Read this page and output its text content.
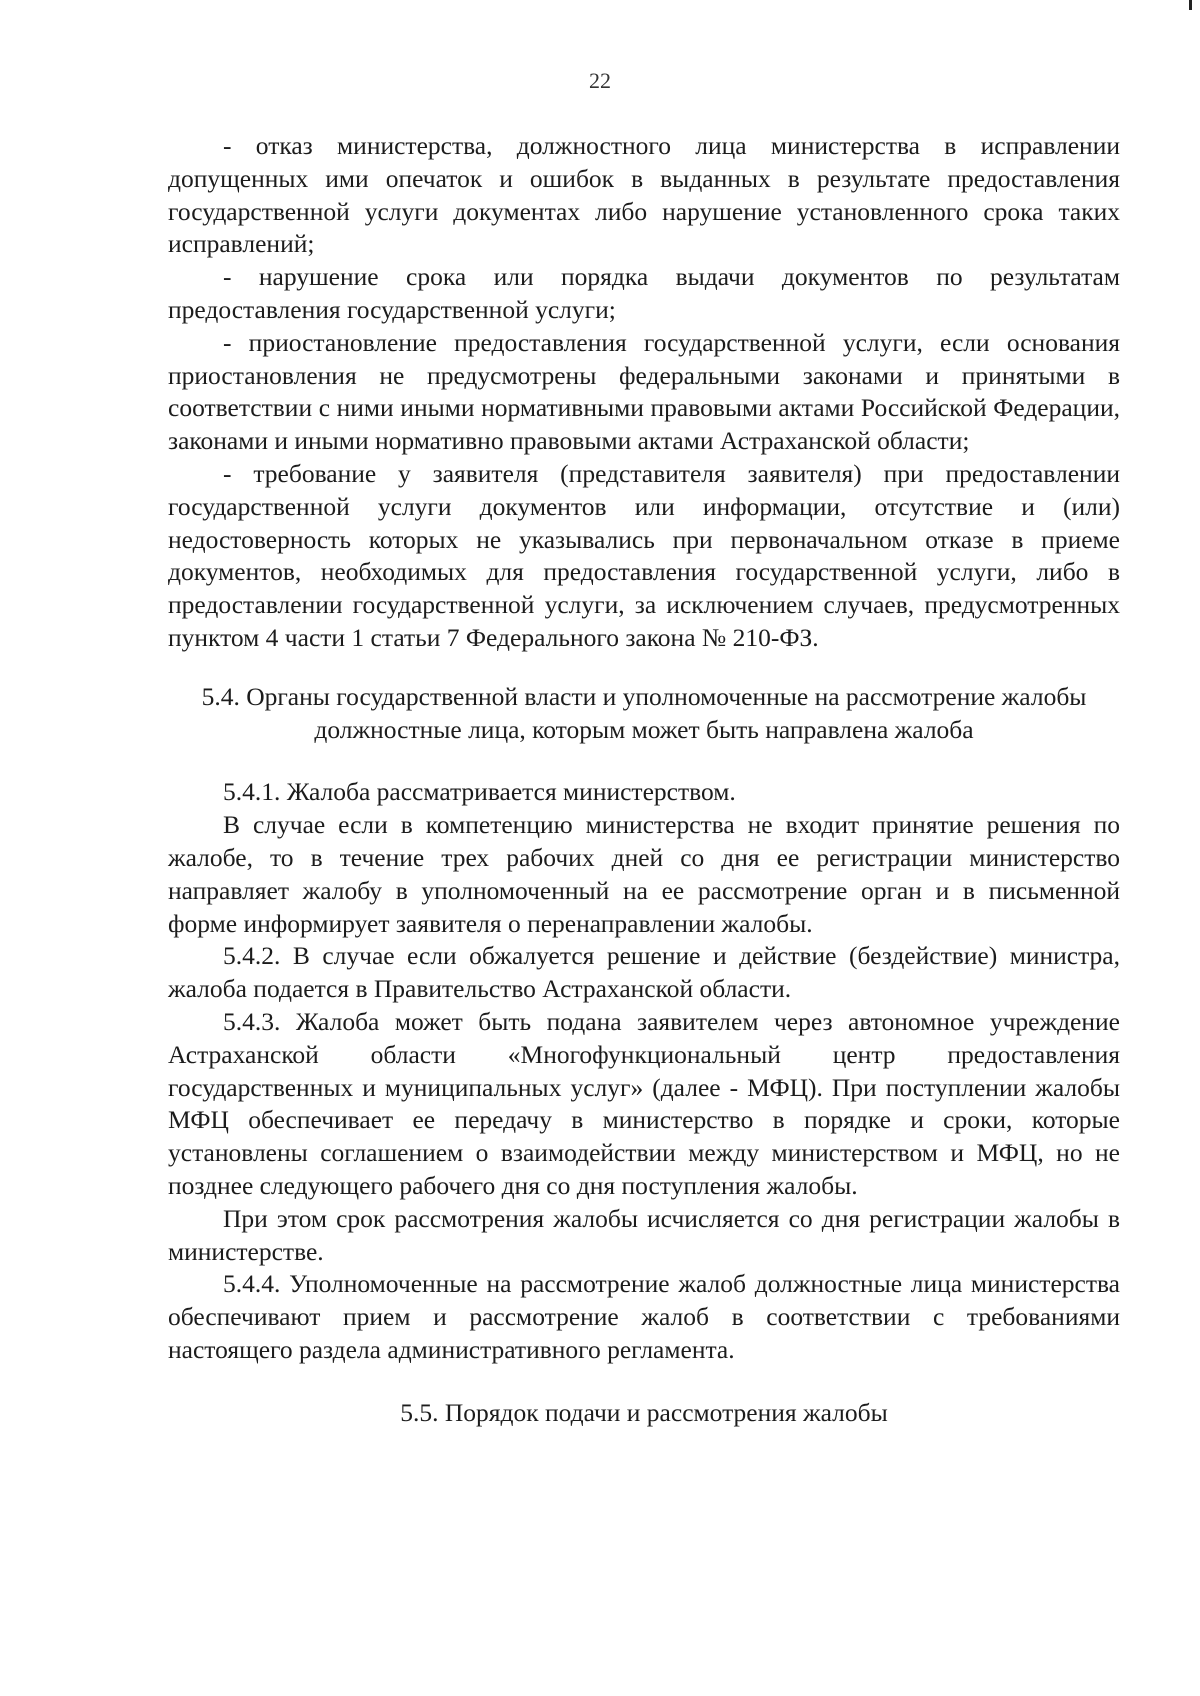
22

- отказ министерства, должностного лица министерства в исправлении допущенных ими опечаток и ошибок в выданных в результате предоставления государственной услуги документах либо нарушение установленного срока таких исправлений;

- нарушение срока или порядка выдачи документов по результатам предоставления государственной услуги;

- приостановление предоставления государственной услуги, если основания приостановления не предусмотрены федеральными законами и принятыми в соответствии с ними иными нормативными правовыми актами Российской Федерации, законами и иными нормативно правовыми актами Астраханской области;

- требование у заявителя (представителя заявителя) при предоставлении государственной услуги документов или информации, отсутствие и (или) недостоверность которых не указывались при первоначальном отказе в приеме документов, необходимых для предоставления государственной услуги, либо в предоставлении государственной услуги, за исключением случаев, предусмотренных пунктом 4 части 1 статьи 7 Федерального закона № 210-ФЗ.

5.4. Органы государственной власти и уполномоченные на рассмотрение жалобы должностные лица, которым может быть направлена жалоба

5.4.1. Жалоба рассматривается министерством.

В случае если в компетенцию министерства не входит принятие решения по жалобе, то в течение трех рабочих дней со дня ее регистрации министерство направляет жалобу в уполномоченный на ее рассмотрение орган и в письменной форме информирует заявителя о перенаправлении жалобы.

5.4.2. В случае если обжалуется решение и действие (бездействие) министра, жалоба подается в Правительство Астраханской области.

5.4.3. Жалоба может быть подана заявителем через автономное учреждение Астраханской области «Многофункциональный центр предоставления государственных и муниципальных услуг» (далее - МФЦ). При поступлении жалобы МФЦ обеспечивает ее передачу в министерство в порядке и сроки, которые установлены соглашением о взаимодействии между министерством и МФЦ, но не позднее следующего рабочего дня со дня поступления жалобы.

При этом срок рассмотрения жалобы исчисляется со дня регистрации жалобы в министерстве.

5.4.4. Уполномоченные на рассмотрение жалоб должностные лица министерства обеспечивают прием и рассмотрение жалоб в соответствии с требованиями настоящего раздела административного регламента.

5.5. Порядок подачи и рассмотрения жалобы
